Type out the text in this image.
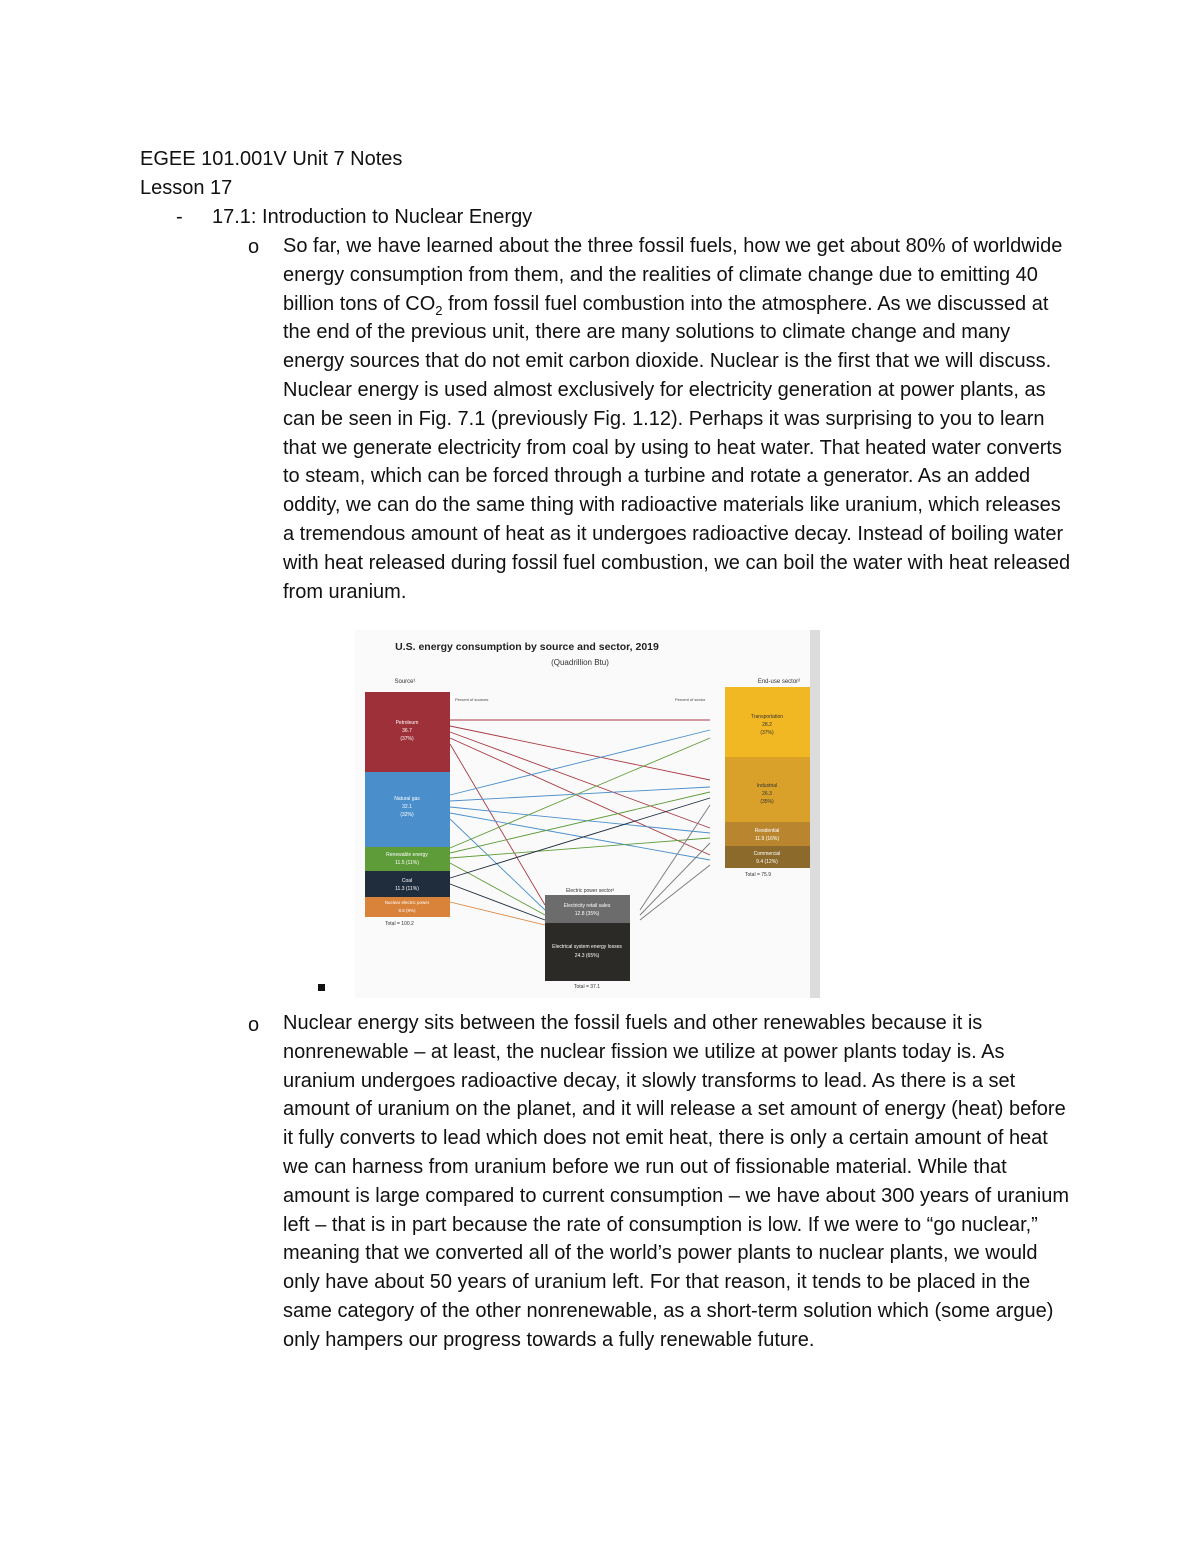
EGEE 101.001V Unit 7 Notes
Lesson 17
- 17.1: Introduction to Nuclear Energy
o So far, we have learned about the three fossil fuels, how we get about 80% of worldwide energy consumption from them, and the realities of climate change due to emitting 40 billion tons of $CO_2$ from fossil fuel combustion into the atmosphere. As we discussed at the end of the previous unit, there are many solutions to climate change and many energy sources that do not emit carbon dioxide. Nuclear is the first that we will discuss. Nuclear energy is used almost exclusively for electricity generation at power plants, as can be seen in Fig. 7.1 (previously Fig. 1.12). Perhaps it was surprising to you to learn that we generate electricity from coal by using to heat water. That heated water converts to steam, which can be forced through a turbine and rotate a generator. As an added oddity, we can do the same thing with radioactive materials like uranium, which releases a tremendous amount of heat as it undergoes radioactive decay. Instead of boiling water with heat released during fossil fuel combustion, we can boil the water with heat released from uranium.
U.S. energy consumption by source and sector, 2019
(Quadrillion Btu)
Source¹	End-use sector²
Percent of sources	Percent of sector
Petroleum
36.7
(37%)
Natural gas
32.1
(32%)
Renewable energy
11.5 (11%)
Coal
11.3 (11%)
Nuclear electric power
8.5 (8%)
Total = 100.2
Transportation
28.2
(37%)
Industrial
26.3
(35%)
Residential
11.9 (16%)
Commercial
9.4 (12%)
Total = 75.9
Electric power sector³
Electricity retail sales
12.8 (35%)
Electrical system energy losses
24.3 (65%)
Total = 37.1
o Nuclear energy sits between the fossil fuels and other renewables because it is nonrenewable – at least, the nuclear fission we utilize at power plants today is. As uranium undergoes radioactive decay, it slowly transforms to lead. As there is a set amount of uranium on the planet, and it will release a set amount of energy (heat) before it fully converts to lead which does not emit heat, there is only a certain amount of heat we can harness from uranium before we run out of fissionable material. While that amount is large compared to current consumption – we have about 300 years of uranium left – that is in part because the rate of consumption is low. If we were to “go nuclear,” meaning that we converted all of the world’s power plants to nuclear plants, we would only have about 50 years of uranium left. For that reason, it tends to be placed in the same category of the other nonrenewable, as a short-term solution which (some argue) only hampers our progress towards a fully renewable future.
